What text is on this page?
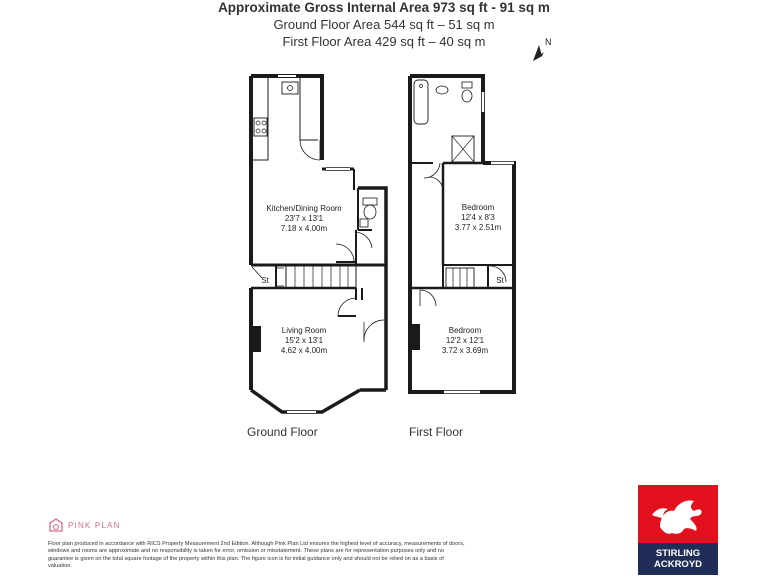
Approximate Gross Internal Area 973 sq ft - 91 sq m
Ground Floor Area 544 sq ft – 51 sq m
First Floor Area 429 sq ft – 40 sq m	N
Kitchen/Dining Room
23'7 x 13'1
7.18 x 4.00m
Living Room
15'2 x 13'1
4.62 x 4.00m
St
Bedroom
12'4 x 8'3
3.77 x 2.51m
Bedroom
12'2 x 12'1
3.72 x 3.69m
St
Ground Floor	First Floor
PINK PLAN
Floor plan produced in accordance with RICS Property Measurement 2nd Edition. Although Pink Plan Ltd ensures the highest level of accuracy, measurements of doors, windows and rooms are approximate and no responsibility is taken for error, omission or misstatement. These plans are for representation purposes only and no guarantee is given on the total square footage of the property within this plan. The figure icon is for initial guidance only and should not be relied on as a basis of valuation.
STIRLING
ACKROYD
